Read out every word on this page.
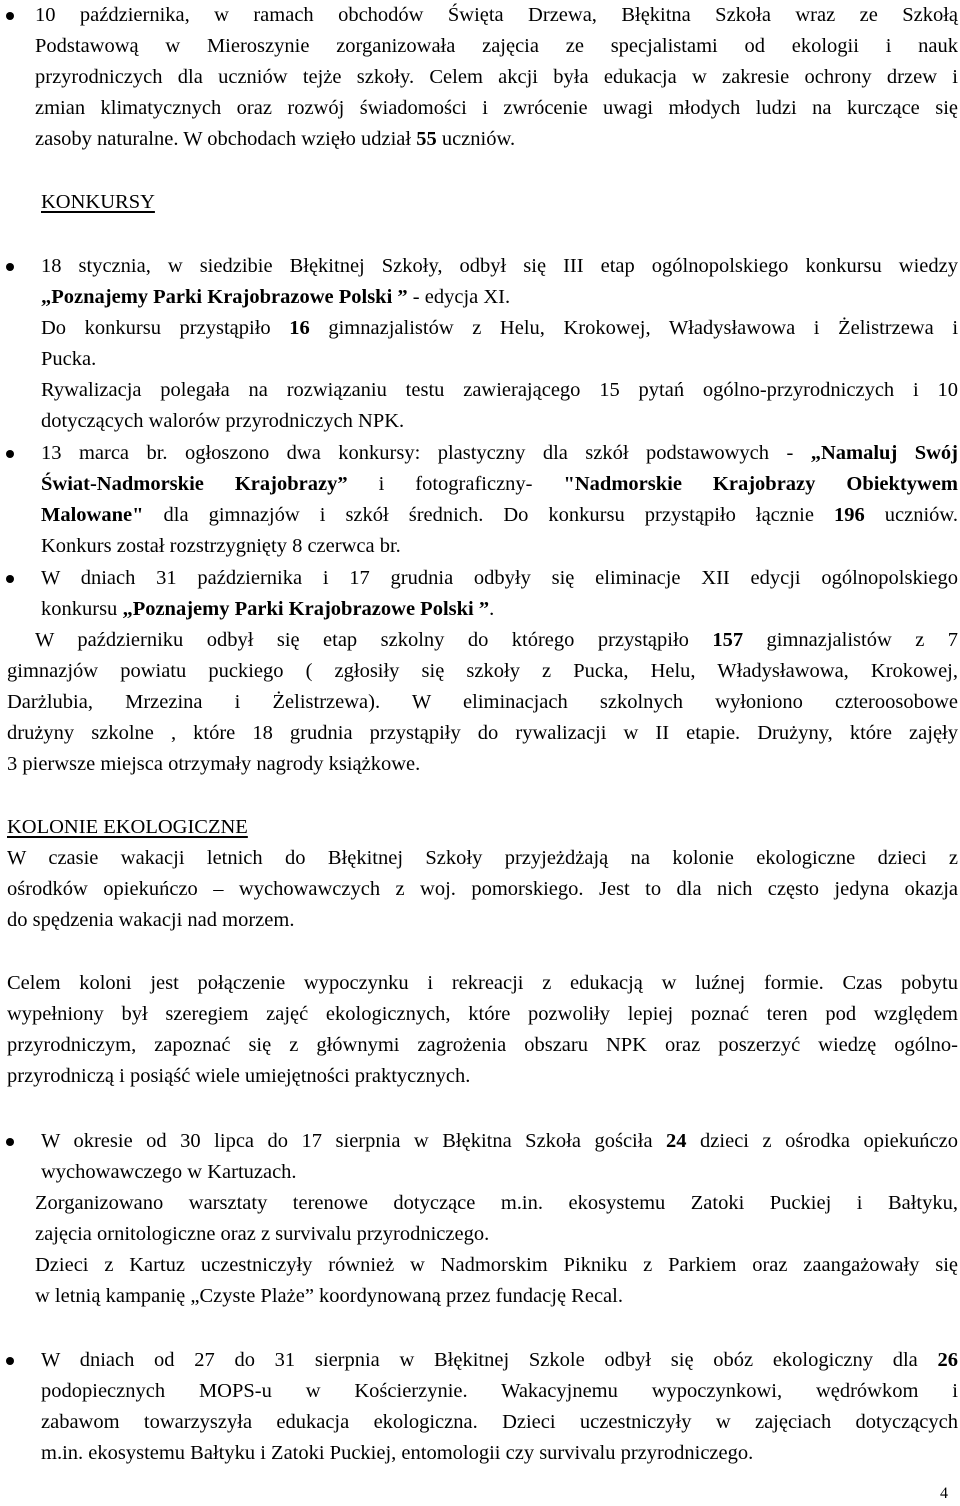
10 października, w ramach obchodów Święta Drzewa, Błękitna Szkoła wraz ze Szkołą
Podstawową w Mieroszynie zorganizowała zajęcia ze specjalistami od ekologii i nauk
przyrodniczych dla uczniów tejże szkoły. Celem akcji była edukacja w zakresie ochrony drzew i
zmian klimatycznych oraz rozwój świadomości i zwrócenie uwagi młodych ludzi na kurczące się
zasoby naturalne. W obchodach wzięło udział 55 uczniów.
KONKURSY
18 stycznia, w siedzibie Błękitnej Szkoły, odbył się III etap ogólnopolskiego konkursu wiedzy
„Poznajemy Parki Krajobrazowe Polski ” - edycja XI.
Do konkursu przystąpiło 16 gimnazjalistów z Helu, Krokowej, Władysławowa i Żelistrzewa i
Pucka.
Rywalizacja polegała na rozwiązaniu testu zawierającego 15 pytań ogólno-przyrodniczych i 10
dotyczących walorów przyrodniczych NPK.
13 marca br. ogłoszono dwa konkursy: plastyczny dla szkół podstawowych - „Namaluj Swój
Świat-Nadmorskie Krajobrazy” i fotograficzny- "Nadmorskie Krajobrazy Obiektywem
Malowane" dla gimnazjów i szkół średnich. Do konkursu przystąpiło łącznie 196 uczniów.
Konkurs został rozstrzygnięty 8 czerwca br.
W dniach 31 października i 17 grudnia odbyły się eliminacje XII edycji ogólnopolskiego
konkursu „Poznajemy Parki Krajobrazowe Polski ”.
W październiku odbył się etap szkolny do którego przystąpiło 157 gimnazjalistów z 7
gimnazjów powiatu puckiego ( zgłosiły się szkoły z Pucka, Helu, Władysławowa, Krokowej,
Darżlubia, Mrzezina i Żelistrzewa). W eliminacjach szkolnych wyłoniono czteroosobowe
drużyny szkolne , które 18 grudnia przystąpiły do rywalizacji w II etapie. Drużyny, które zajęły
3 pierwsze miejsca otrzymały nagrody książkowe.
KOLONIE EKOLOGICZNE
W czasie wakacji letnich do Błękitnej Szkoły przyjeżdżają na kolonie ekologiczne dzieci z
ośrodków opiekuńczo – wychowawczych z woj. pomorskiego. Jest to dla nich często jedyna okazja
do spędzenia wakacji nad morzem.
Celem koloni jest połączenie wypoczynku i rekreacji z edukacją w luźnej formie. Czas pobytu
wypełniony był szeregiem zajęć ekologicznych, które pozwoliły lepiej poznać teren pod względem
przyrodniczym, zapoznać się z głównymi zagrożenia obszaru NPK oraz poszerzyć wiedzę ogólno-
przyrodniczą i posiąść wiele umiejętności praktycznych.
W okresie od 30 lipca do 17 sierpnia w Błękitna Szkoła gościła 24 dzieci z ośrodka opiekuńczo
wychowawczego w Kartuzach.
Zorganizowano warsztaty terenowe dotyczące m.in. ekosystemu Zatoki Puckiej i Bałtyku,
zajęcia ornitologiczne oraz z survivalu przyrodniczego.
Dzieci z Kartuz uczestniczyły również w Nadmorskim Pikniku z Parkiem oraz zaangażowały się
w letnią kampanię „Czyste Plaże” koordynowaną przez fundację Recal.
W dniach od 27 do 31 sierpnia w Błękitnej Szkole odbył się obóz ekologiczny dla 26
podopiecznych MOPS-u w Kościerzynie. Wakacyjnemu wypoczynkowi, wędrówkom i
zabawom towarzyszyła edukacja ekologiczna. Dzieci uczestniczyły w zajęciach dotyczących
m.in. ekosystemu Bałtyku i Zatoki Puckiej, entomologii czy survivalu przyrodniczego.
4
